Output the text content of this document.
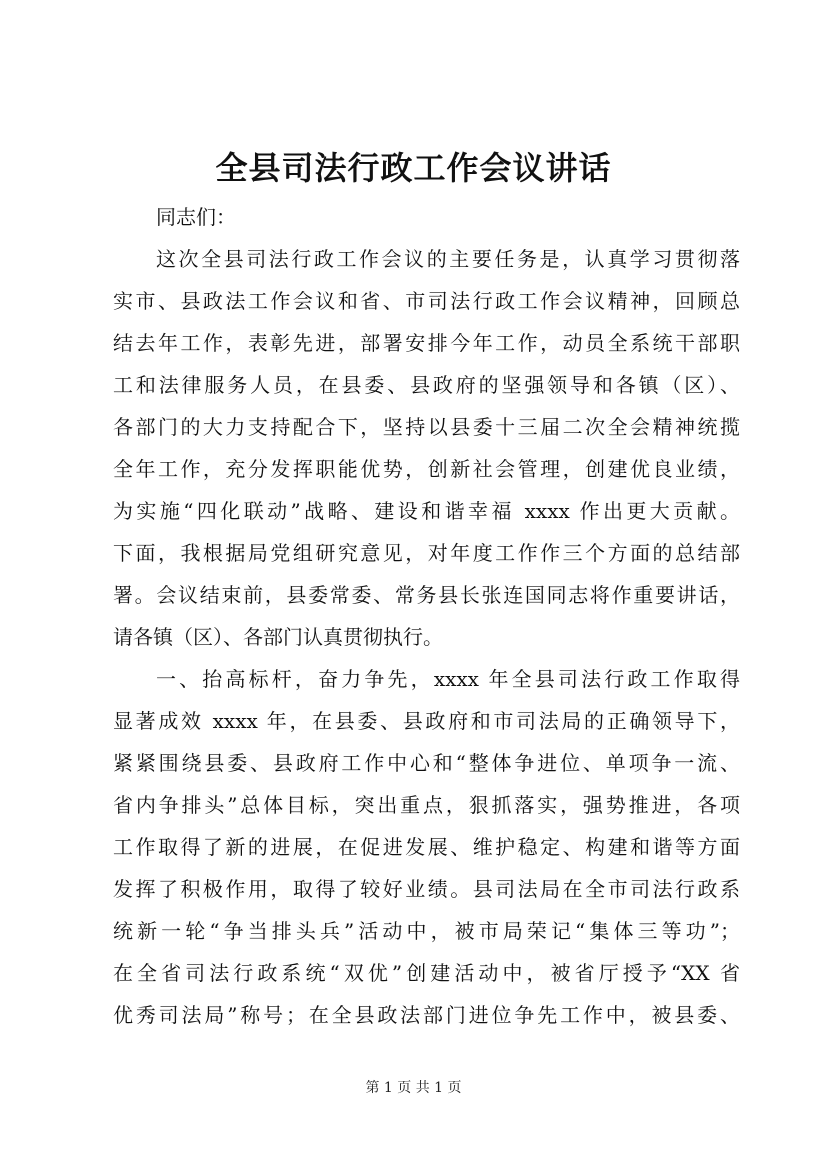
全县司法行政工作会议讲话
同志们：
这次全县司法行政工作会议的主要任务是，认真学习贯彻落
实市、县政法工作会议和省、市司法行政工作会议精神，回顾总
结去年工作，表彰先进，部署安排今年工作，动员全系统干部职
工和法律服务人员，在县委、县政府的坚强领导和各镇（区）、
各部门的大力支持配合下，坚持以县委十三届二次全会精神统揽
全年工作，充分发挥职能优势，创新社会管理，创建优良业绩，
为实施“四化联动”战略、建设和谐幸福 xxxx 作出更大贡献。
下面，我根据局党组研究意见，对年度工作作三个方面的总结部
署。会议结束前，县委常委、常务县长张连国同志将作重要讲话，
请各镇（区）、各部门认真贯彻执行。
一、抬高标杆，奋力争先，xxxx 年全县司法行政工作取得
显著成效 xxxx 年，在县委、县政府和市司法局的正确领导下，
紧紧围绕县委、县政府工作中心和“整体争进位、单项争一流、
省内争排头”总体目标，突出重点，狠抓落实，强势推进，各项
工作取得了新的进展，在促进发展、维护稳定、构建和谐等方面
发挥了积极作用，取得了较好业绩。县司法局在全市司法行政系
统新一轮“争当排头兵”活动中，被市局荣记“集体三等功”；
在全省司法行政系统“双优”创建活动中，被省厅授予“XX 省
优秀司法局”称号；在全县政法部门进位争先工作中，被县委、
第 1 页 共 1 页
